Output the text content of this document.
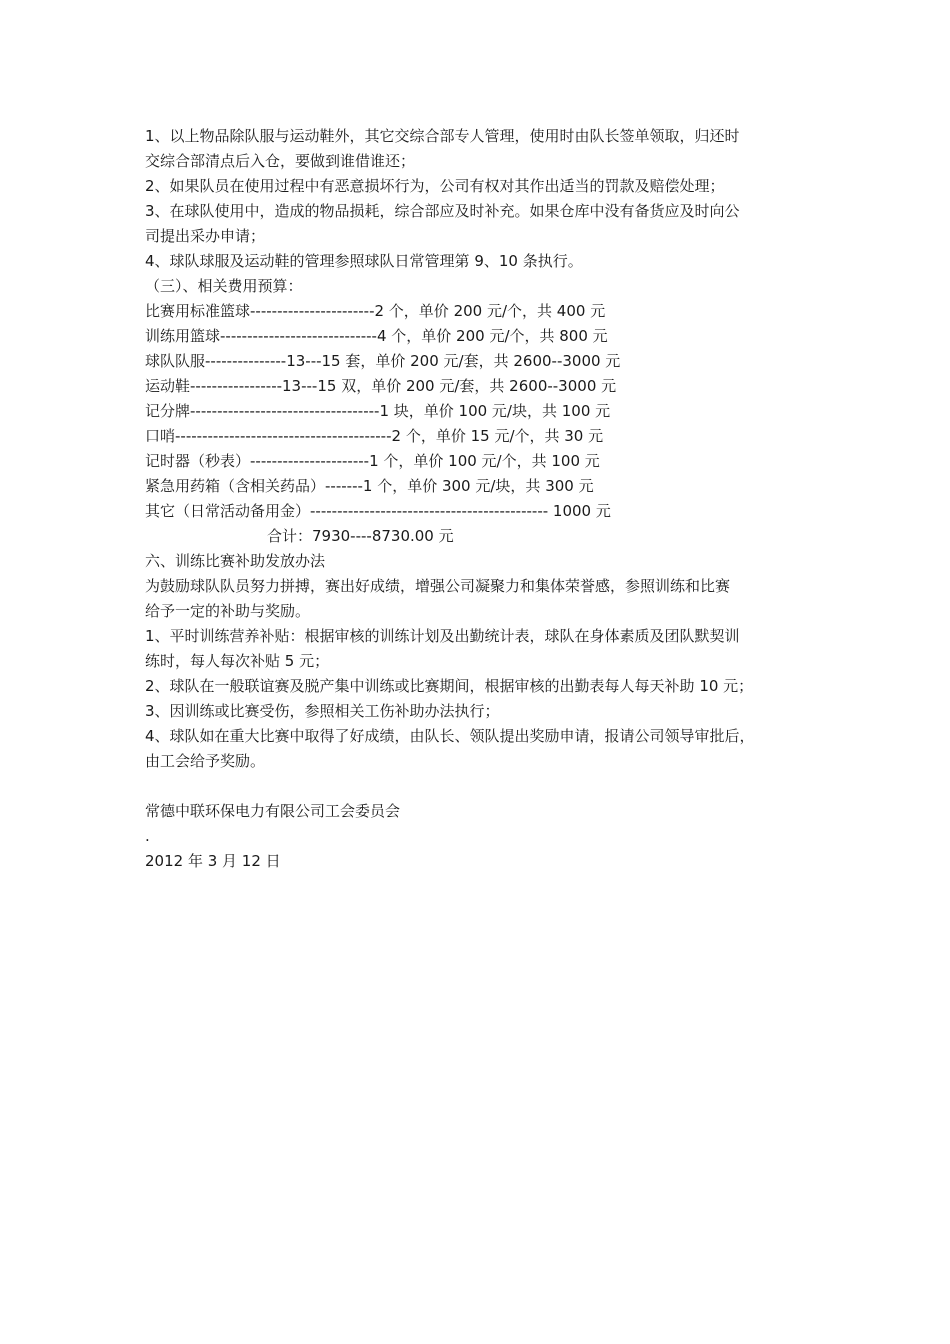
1、以上物品除队服与运动鞋外，其它交综合部专人管理，使用时由队长签单领取，归还时
交综合部清点后入仓，要做到谁借谁还；
2、如果队员在使用过程中有恶意损坏行为，公司有权对其作出适当的罚款及赔偿处理；
3、在球队使用中，造成的物品损耗，综合部应及时补充。如果仓库中没有备货应及时向公
司提出采办申请；
4、球队球服及运动鞋的管理参照球队日常管理第 9、10 条执行。
（三）、相关费用预算：
比赛用标准篮球-----------------------2 个，单价 200 元/个，共 400 元
训练用篮球-----------------------------4 个，单价 200 元/个，共 800 元
球队队服---------------13---15 套，单价 200 元/套，共 2600--3000 元
运动鞋-----------------13---15 双，单价 200 元/套，共 2600--3000 元
记分牌-----------------------------------1 块，单价 100 元/块，共 100 元
口哨----------------------------------------2 个，单价 15 元/个，共 30 元
记时器（秒表）----------------------1 个，单价 100 元/个，共 100 元
紧急用药箱（含相关药品）-------1 个，单价 300 元/块，共 300 元
其它（日常活动备用金）-------------------------------------------- 1000 元
合计：7930----8730.00 元
六、训练比赛补助发放办法
为鼓励球队队员努力拼搏，赛出好成绩，增强公司凝聚力和集体荣誉感，参照训练和比赛
给予一定的补助与奖励。
1、平时训练营养补贴：根据审核的训练计划及出勤统计表，球队在身体素质及团队默契训
练时，每人每次补贴 5 元；
2、球队在一般联谊赛及脱产集中训练或比赛期间，根据审核的出勤表每人每天补助 10 元；
3、因训练或比赛受伤，参照相关工伤补助办法执行；
4、球队如在重大比赛中取得了好成绩，由队长、领队提出奖励申请，报请公司领导审批后，
由工会给予奖励。
常德中联环保电力有限公司工会委员会
.
2012 年 3 月 12 日
